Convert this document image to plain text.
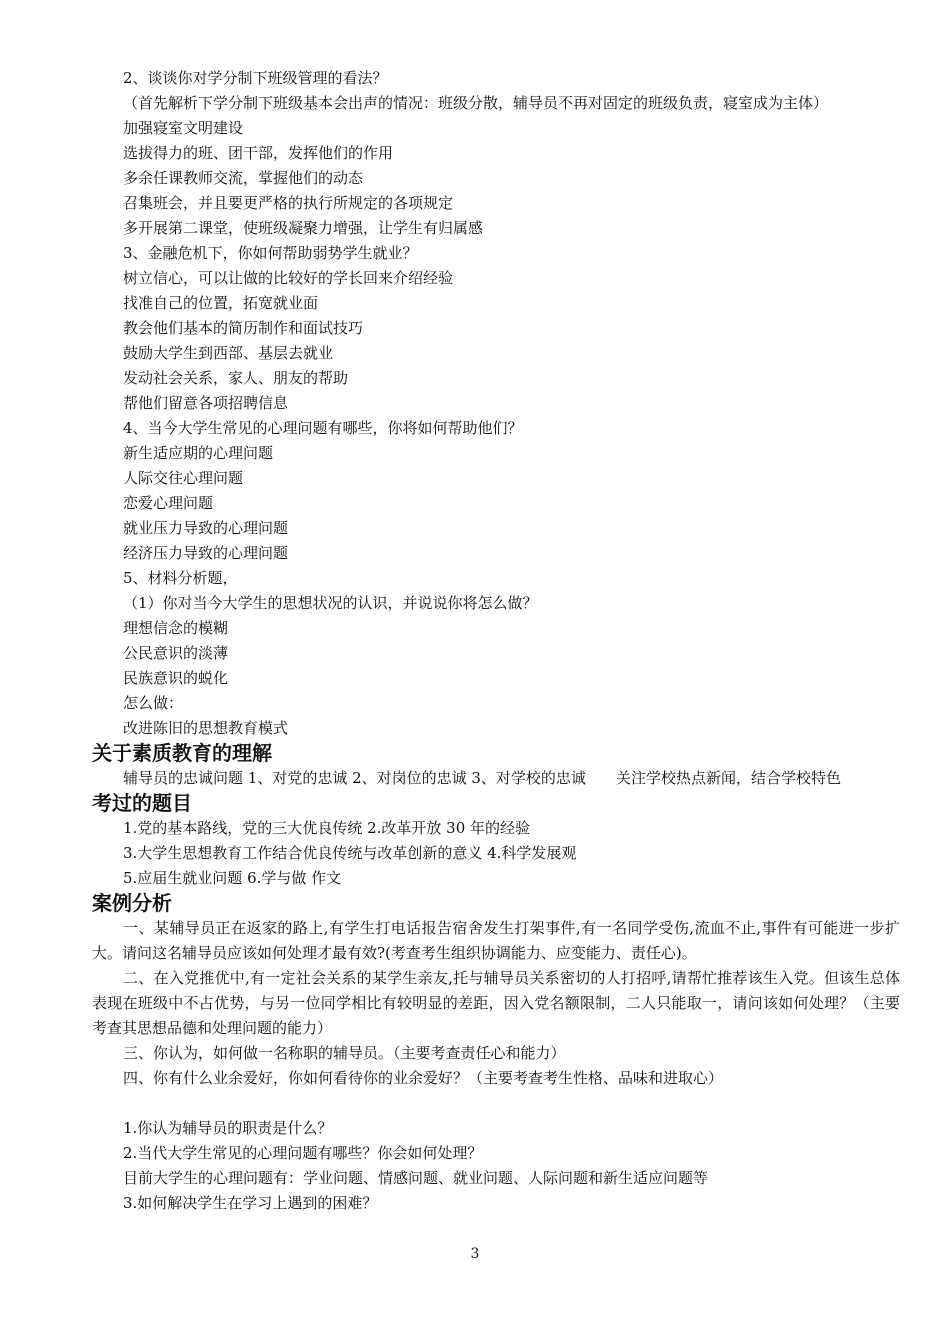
2、谈谈你对学分制下班级管理的看法？
（首先解析下学分制下班级基本会出声的情况：班级分散，辅导员不再对固定的班级负责，寝室成为主体）
加强寝室文明建设
选拔得力的班、团干部，发挥他们的作用
多余任课教师交流，掌握他们的动态
召集班会，并且要更严格的执行所规定的各项规定
多开展第二课堂，使班级凝聚力增强，让学生有归属感
3、金融危机下，你如何帮助弱势学生就业？
树立信心，可以让做的比较好的学长回来介绍经验
找准自己的位置，拓宽就业面
教会他们基本的简历制作和面试技巧
鼓励大学生到西部、基层去就业
发动社会关系，家人、朋友的帮助
帮他们留意各项招聘信息
4、当今大学生常见的心理问题有哪些，你将如何帮助他们？
新生适应期的心理问题
人际交往心理问题
恋爱心理问题
就业压力导致的心理问题
经济压力导致的心理问题
5、材料分析题，
（1）你对当今大学生的思想状况的认识，并说说你将怎么做？
理想信念的模糊
公民意识的淡薄
民族意识的蜕化
怎么做：
改进陈旧的思想教育模式
关于素质教育的理解
辅导员的忠诚问题 1、对党的忠诚 2、对岗位的忠诚 3、对学校的忠诚　　关注学校热点新闻，结合学校特色
考过的题目
1.党的基本路线，党的三大优良传统 2.改革开放 30 年的经验
3.大学生思想教育工作结合优良传统与改革创新的意义 4.科学发展观
5.应届生就业问题 6.学与做 作文
案例分析
一、某辅导员正在返家的路上,有学生打电话报告宿舍发生打架事件,有一名同学受伤,流血不止,事件有可能进一步扩大。请问这名辅导员应该如何处理才最有效?(考查考生组织协调能力、应变能力、责任心)。
二、在入党推优中,有一定社会关系的某学生亲友,托与辅导员关系密切的人打招呼,请帮忙推荐该生入党。但该生总体表现在班级中不占优势，与另一位同学相比有较明显的差距，因入党名额限制，二人只能取一，请问该如何处理？（主要考查其思想品德和处理问题的能力）
三、你认为，如何做一名称职的辅导员。（主要考查责任心和能力）
四、你有什么业余爱好，你如何看待你的业余爱好？（主要考查考生性格、品味和进取心）
1.你认为辅导员的职责是什么？
2.当代大学生常见的心理问题有哪些？你会如何处理？
目前大学生的心理问题有：学业问题、情感问题、就业问题、人际问题和新生适应问题等
3.如何解决学生在学习上遇到的困难？
3
